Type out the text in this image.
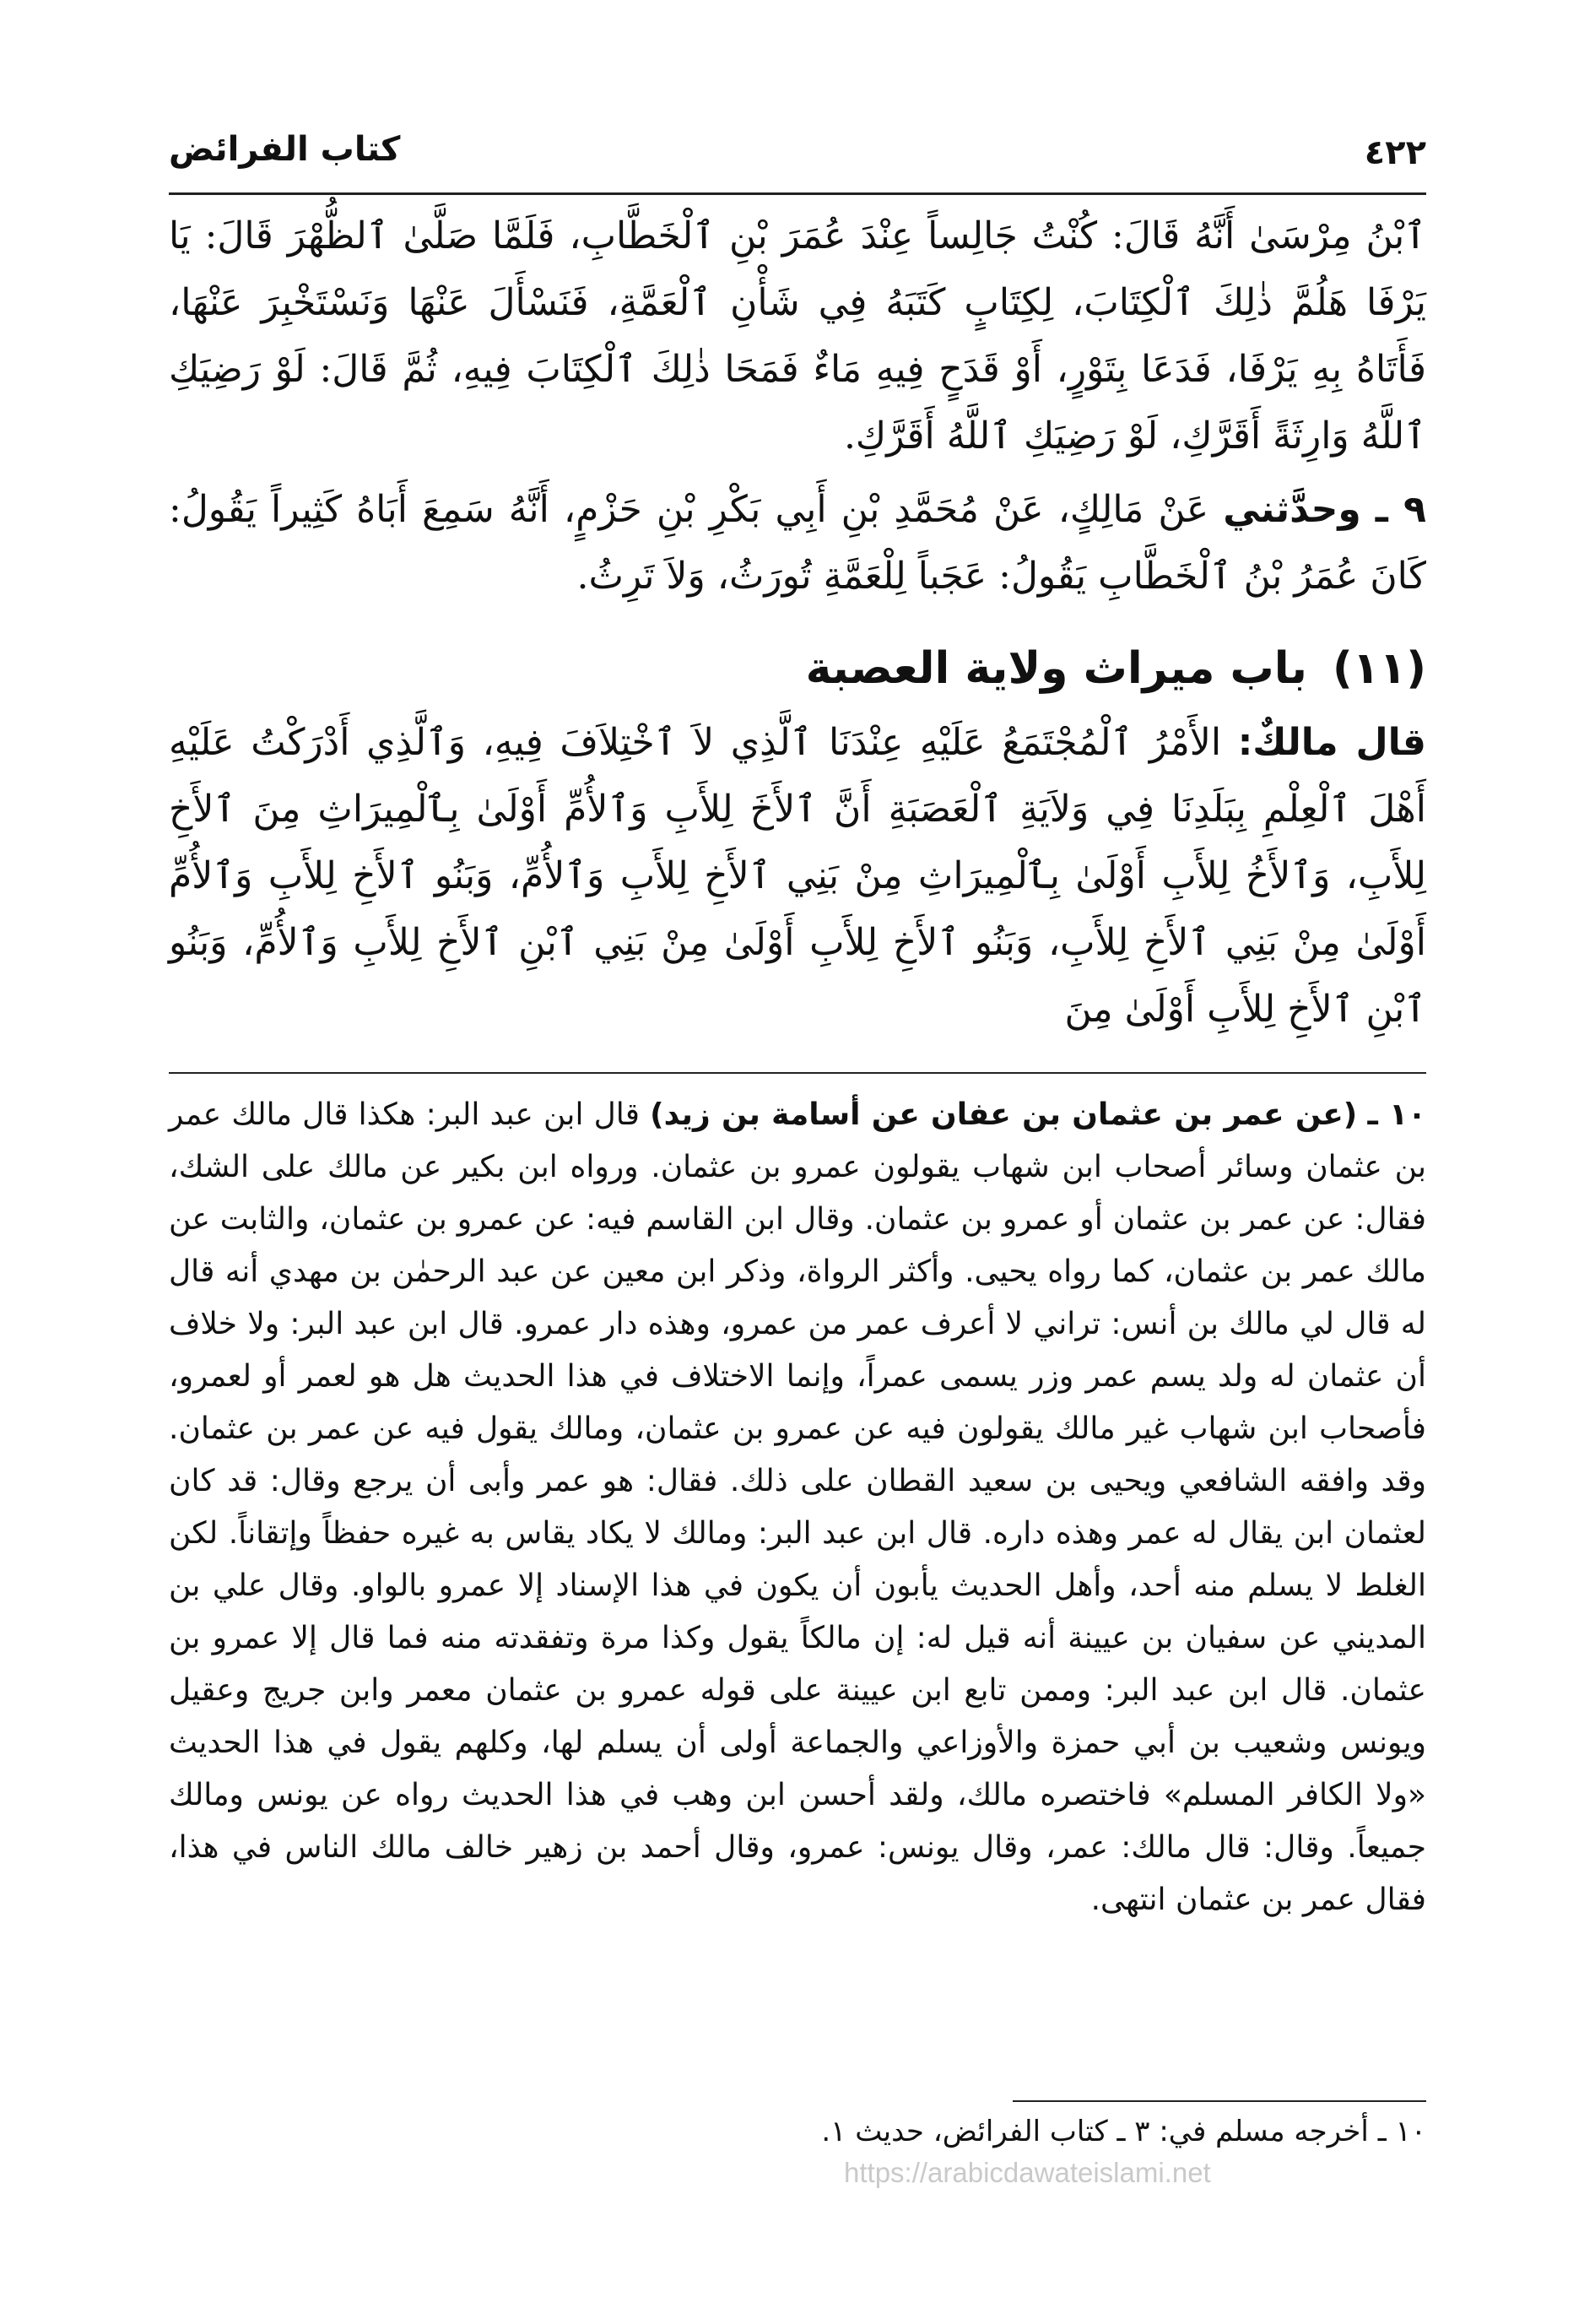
٤٢٢
كتاب الفرائض

ٱبْنُ مِرْسَىٰ أَنَّهُ قَالَ: كُنْتُ جَالِساً عِنْدَ عُمَرَ بْنِ ٱلْخَطَّابِ، فَلَمَّا صَلَّىٰ ٱلظُّهْرَ قَالَ: يَا يَرْفَا هَلُمَّ ذٰلِكَ ٱلْكِتَابَ، لِكِتَابٍ كَتَبَهُ فِي شَأْنِ ٱلْعَمَّةِ، فَنَسْأَلَ عَنْهَا وَنَسْتَخْبِرَ عَنْهَا، فَأَتَاهُ بِهِ يَرْفَا، فَدَعَا بِتَوْرٍ، أَوْ قَدَحٍ فِيهِ مَاءٌ فَمَحَا ذٰلِكَ ٱلْكِتَابَ فِيهِ، ثُمَّ قَالَ: لَوْ رَضِيَكِ ٱللَّهُ وَارِثَةً أَقَرَّكِ، لَوْ رَضِيَكِ ٱللَّهُ أَقَرَّكِ.

٩ ـ وحدَّثني عَنْ مَالِكٍ، عَنْ مُحَمَّدِ بْنِ أَبِي بَكْرِ بْنِ حَزْمٍ، أَنَّهُ سَمِعَ أَبَاهُ كَثِيراً يَقُولُ: كَانَ عُمَرُ بْنُ ٱلْخَطَّابِ يَقُولُ: عَجَباً لِلْعَمَّةِ تُورَثُ، وَلاَ تَرِثُ.

(١١) باب ميراث ولاية العصبة

قال مالكٌ: الأَمْرُ ٱلْمُجْتَمَعُ عَلَيْهِ عِنْدَنَا ٱلَّذِي لاَ ٱخْتِلاَفَ فِيهِ، وَٱلَّذِي أَدْرَكْتُ عَلَيْهِ أَهْلَ ٱلْعِلْمِ بِبَلَدِنَا فِي وَلاَيَةِ ٱلْعَصَبَةِ أَنَّ ٱلأَخَ لِلأَبِ وَٱلأُمِّ أَوْلَىٰ بِٱلْمِيرَاثِ مِنَ ٱلأَخِ لِلأَبِ، وَٱلأَخُ لِلأَبِ أَوْلَىٰ بِٱلْمِيرَاثِ مِنْ بَنِي ٱلأَخِ لِلأَبِ وَٱلأُمِّ، وَبَنُو ٱلأَخِ لِلأَبِ وَٱلأُمِّ أَوْلَىٰ مِنْ بَنِي ٱلأَخِ لِلأَبِ، وَبَنُو ٱلأَخِ لِلأَبِ أَوْلَىٰ مِنْ بَنِي ٱبْنِ ٱلأَخِ لِلأَبِ وَٱلأُمِّ، وَبَنُو ٱبْنِ ٱلأَخِ لِلأَبِ أَوْلَىٰ مِنَ

١٠ ـ (عن عمر بن عثمان بن عفان عن أسامة بن زيد) قال ابن عبد البر: هكذا قال مالك عمر بن عثمان وسائر أصحاب ابن شهاب يقولون عمرو بن عثمان. ورواه ابن بكير عن مالك على الشك، فقال: عن عمر بن عثمان أو عمرو بن عثمان. وقال ابن القاسم فيه: عن عمرو بن عثمان، والثابت عن مالك عمر بن عثمان، كما رواه يحيى. وأكثر الرواة، وذكر ابن معين عن عبد الرحمٰن بن مهدي أنه قال له قال لي مالك بن أنس: تراني لا أعرف عمر من عمرو، وهذه دار عمرو. قال ابن عبد البر: ولا خلاف أن عثمان له ولد يسم عمر وزر يسمى عمراً، وإنما الاختلاف في هذا الحديث هل هو لعمر أو لعمرو، فأصحاب ابن شهاب غير مالك يقولون فيه عن عمرو بن عثمان، ومالك يقول فيه عن عمر بن عثمان. وقد وافقه الشافعي ويحيى بن سعيد القطان على ذلك. فقال: هو عمر وأبى أن يرجع وقال: قد كان لعثمان ابن يقال له عمر وهذه داره. قال ابن عبد البر: ومالك لا يكاد يقاس به غيره حفظاً وإتقاناً. لكن الغلط لا يسلم منه أحد، وأهل الحديث يأبون أن يكون في هذا الإسناد إلا عمرو بالواو. وقال علي بن المديني عن سفيان بن عيينة أنه قيل له: إن مالكاً يقول وكذا مرة وتفقدته منه فما قال إلا عمرو بن عثمان. قال ابن عبد البر: وممن تابع ابن عيينة على قوله عمرو بن عثمان معمر وابن جريج وعقيل ويونس وشعيب بن أبي حمزة والأوزاعي والجماعة أولى أن يسلم لها، وكلهم يقول في هذا الحديث «ولا الكافر المسلم» فاختصره مالك، ولقد أحسن ابن وهب في هذا الحديث رواه عن يونس ومالك جميعاً. وقال: قال مالك: عمر، وقال يونس: عمرو، وقال أحمد بن زهير خالف مالك الناس في هذا، فقال عمر بن عثمان انتهى.
١٠ ـ أخرجه مسلم في: ٣ ـ كتاب الفرائض، حديث ١.
https://arabicdawateislami.net
